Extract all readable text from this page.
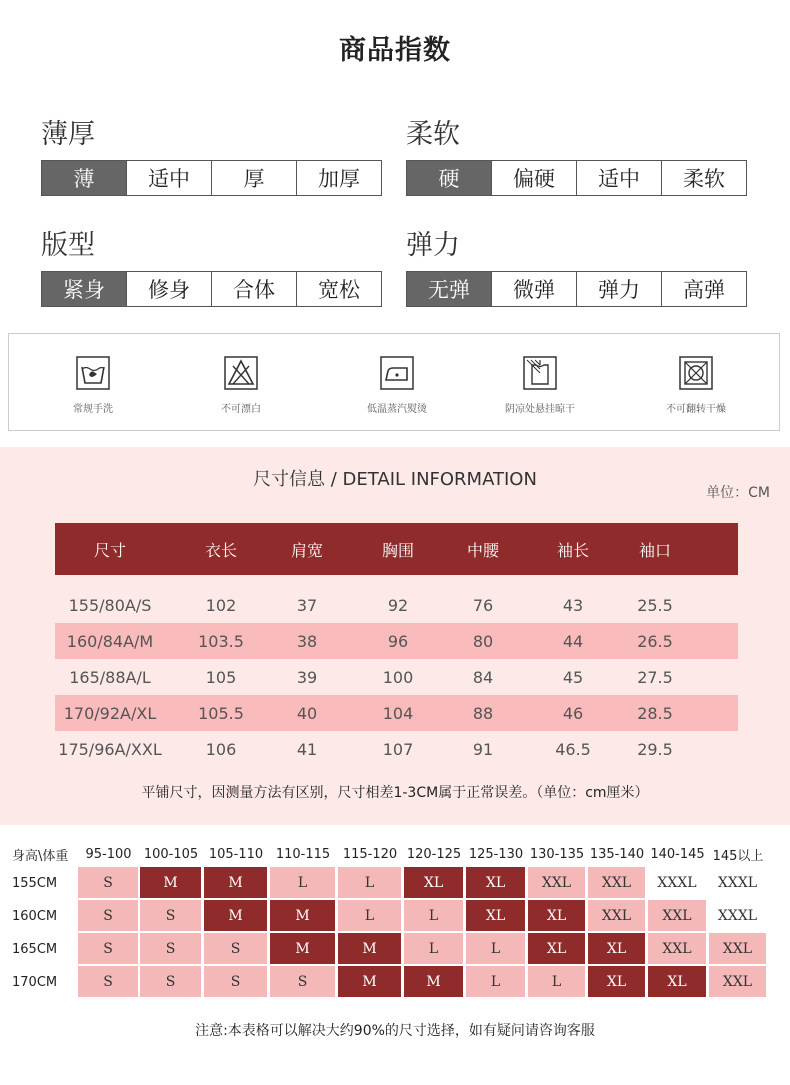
商品指数
薄厚
薄	适中	厚	加厚
柔软
硬	偏硬	适中	柔软
版型
紧身	修身	合体	宽松
弹力
无弹	微弹	弹力	高弹
常规手洗	不可漂白	低温蒸汽熨烫	阴凉处悬挂晾干	不可翻转干燥
尺寸信息 / DETAIL INFORMATION
单位：CM
尺寸	衣长	肩宽	胸围	中腰	袖长	袖口
155/80A/S	102	37	92	76	43	25.5
160/84A/M	103.5	38	96	80	44	26.5
165/88A/L	105	39	100	84	45	27.5
170/92A/XL	105.5	40	104	88	46	28.5
175/96A/XXL	106	41	107	91	46.5	29.5
平铺尺寸，因测量方法有区别，尺寸相差1-3CM属于正常误差。（单位：cm厘米）
身高\体重	95-100 100-105 105-110 110-115 115-120 120-125 125-130 130-135 135-140 140-145 145以上
155CM	S	M	M	L	L	XL	XL	XXL	XXL	XXXL	XXXL
160CM	S	S	M	M	L	L	XL	XL	XXL	XXL	XXXL
165CM	S	S	S	M	M	L	L	XL	XL	XXL	XXL
170CM	S	S	S	S	M	M	L	L	XL	XL	XXL
注意:本表格可以解决大约90%的尺寸选择，如有疑问请咨询客服
